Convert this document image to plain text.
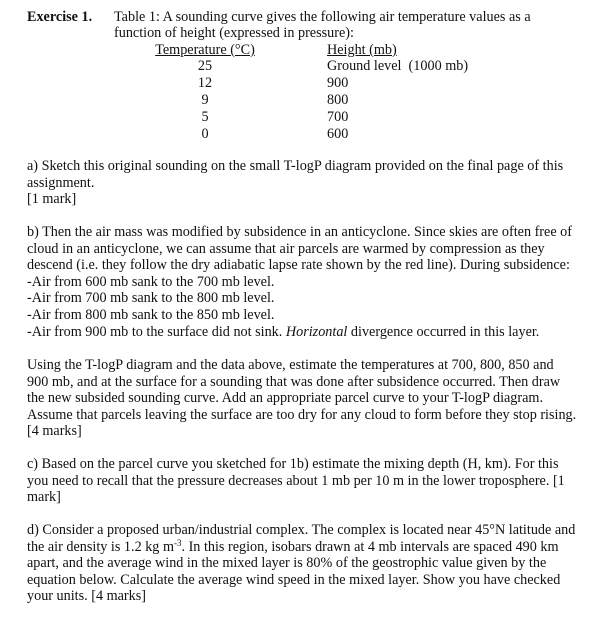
Exercise 1. Table 1: A sounding curve gives the following air temperature values as a
function of height (expressed in pressure):
Temperature (°C)	Height (mb)
25	Ground level  (1000 mb)
12	900
9	800
5	700
0	600
a) Sketch this original sounding on the small T-logP diagram provided on the final page of this
assignment.
[1 mark]
b) Then the air mass was modified by subsidence in an anticyclone. Since skies are often free of
cloud in an anticyclone, we can assume that air parcels are warmed by compression as they
descend (i.e. they follow the dry adiabatic lapse rate shown by the red line). During subsidence:
-Air from 600 mb sank to the 700 mb level.
-Air from 700 mb sank to the 800 mb level.
-Air from 800 mb sank to the 850 mb level.
-Air from 900 mb to the surface did not sink. Horizontal divergence occurred in this layer.
Using the T-logP diagram and the data above, estimate the temperatures at 700, 800, 850 and
900 mb, and at the surface for a sounding that was done after subsidence occurred. Then draw
the new subsided sounding curve. Add an appropriate parcel curve to your T-logP diagram.
Assume that parcels leaving the surface are too dry for any cloud to form before they stop rising.
[4 marks]
c) Based on the parcel curve you sketched for 1b) estimate the mixing depth (H, km). For this
you need to recall that the pressure decreases about 1 mb per 10 m in the lower troposphere. [1
mark]
d) Consider a proposed urban/industrial complex. The complex is located near 45°N latitude and
the air density is 1.2 kg $m^{-3}$. In this region, isobars drawn at 4 mb intervals are spaced 490 km
apart, and the average wind in the mixed layer is 80% of the geostrophic value given by the
equation below. Calculate the average wind speed in the mixed layer. Show you have checked
your units. [4 marks]
